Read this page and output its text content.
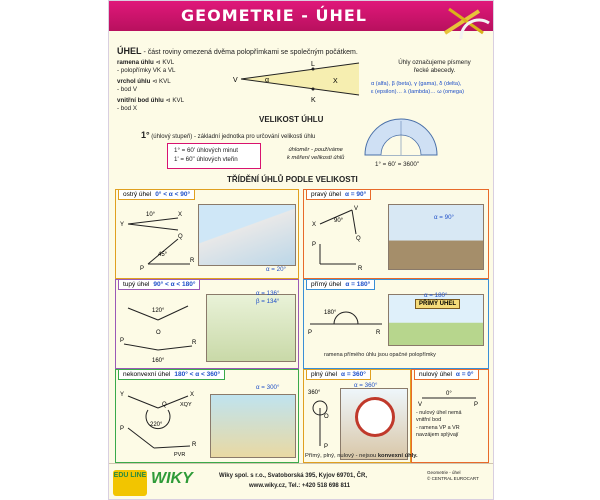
GEOMETRIE - ÚHEL
ÚHEL - část roviny omezená dvěma polopřímkami se společným počátkem.
ramena úhlu ⊲ KVL
- polopřímky VK a VL
vrchol úhlu ⊲ KVL
- bod V
vnitřní bod úhlu ⊲ KVL
- bod X
V
L
K
X
α
Úhly označujeme písmeny
řecké abecedy.
α (alfa), β (beta), γ (gama), δ (delta),
ε (epsilon)… λ (lambda)… ω (omega)
VELIKOST ÚHLU
1° (úhlový stupeň) - základní jednotka pro určování velikosti úhlu
1° = 60' úhlových minut
1' = 60" úhlových vteřin
úhloměr - používáme
k měření velikosti úhlů
1° = 60' = 3600"
TŘÍDĚNÍ ÚHLŮ PODLE VELIKOSTI
ostrý úhel 0° < α < 90°
10°
45°
Y
X
Q
P
R
α = 20°
pravý úhel α = 90°
90°
X
V
Q
P
R
α = 90°
tupý úhel 90° < α < 180°
120°
160°
P	R
O
α = 136°
β = 134°
přímý úhel α = 180°
180°
P	R
PŘÍMÝ ÚHEL
α = 180°
ramena přímého úhlu jsou opačné polopřímky
nekonvexní úhel 180° < α < 360°
220°
XQY
PVR
Y	X
Q
P
R
α = 300°
plný úhel α = 360°
360°
O
P
α = 360°
nulový úhel α = 0°
V	P
0°
- nulový úhel nemá
vnitřní bod
- ramena VP a VR
navzájem splývají
Přímý, plný, nulový - nejsou konvexní úhly.
EDU LINE WIKY	Wiky spol. s r.o., Svatoborská 395, Kyjov 69701, ČR,
www.wiky.cz, Tel.: +420 518 698 811
Geometrie - úhel
© CENTRAL EUROCART
